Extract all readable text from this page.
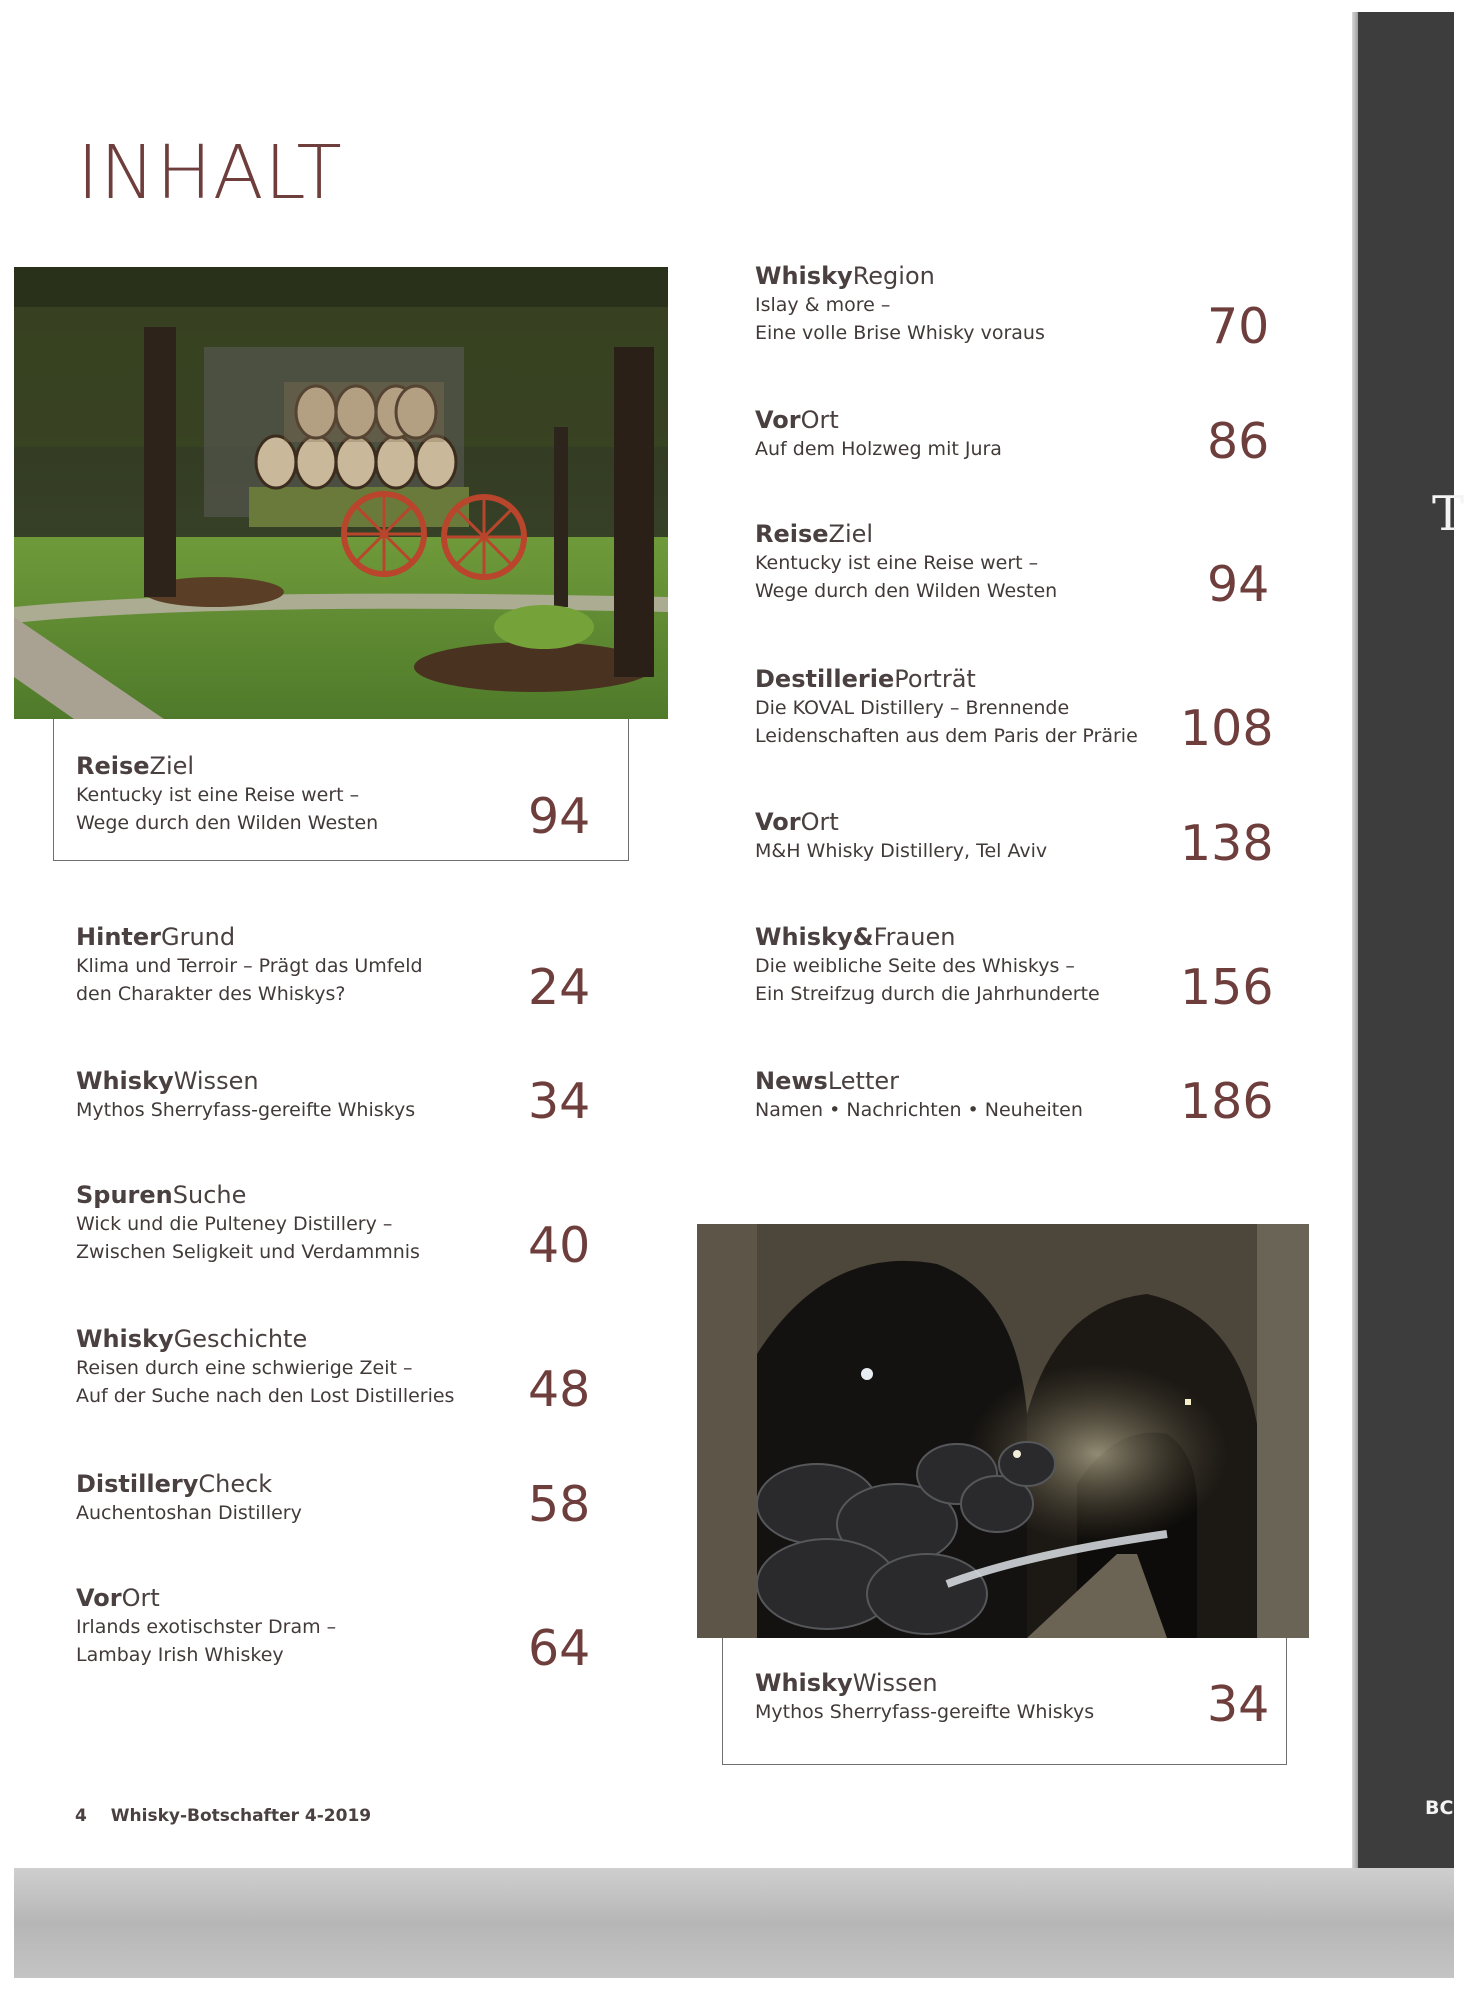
T
BC
INHALT
ReiseZiel
Kentucky ist eine Reise wert –
Wege durch den Wilden Westen	94
HinterGrund
Klima und Terroir – Prägt das Umfeld
den Charakter des Whiskys?	24
WhiskyWissen
Mythos Sherryfass-gereifte Whiskys 34
SpurenSuche
Wick und die Pulteney Distillery –
Zwischen Seligkeit und Verdammnis 40
WhiskyGeschichte
Reisen durch eine schwierige Zeit –
Auf der Suche nach den Lost Distilleries 48
DistilleryCheck
Auchentoshan Distillery	58
VorOrt
Irlands exotischster Dram –
Lambay Irish Whiskey	64
WhiskyRegion
Islay & more –
Eine volle Brise Whisky voraus	70
VorOrt
Auf dem Holzweg mit Jura	86
ReiseZiel
Kentucky ist eine Reise wert –
Wege durch den Wilden Westen	94
DestilleriePorträt
Die KOVAL Distillery – Brennende
Leidenschaften aus dem Paris der Prärie 108
VorOrt
M&H Whisky Distillery, Tel Aviv	138
Whisky&Frauen
Die weibliche Seite des Whiskys –
Ein Streifzug durch die Jahrhunderte 156
NewsLetter
Namen • Nachrichten • Neuheiten 186
WhiskyWissen
Mythos Sherryfass-gereifte Whiskys 34
4 Whisky-Botschafter 4-2019
